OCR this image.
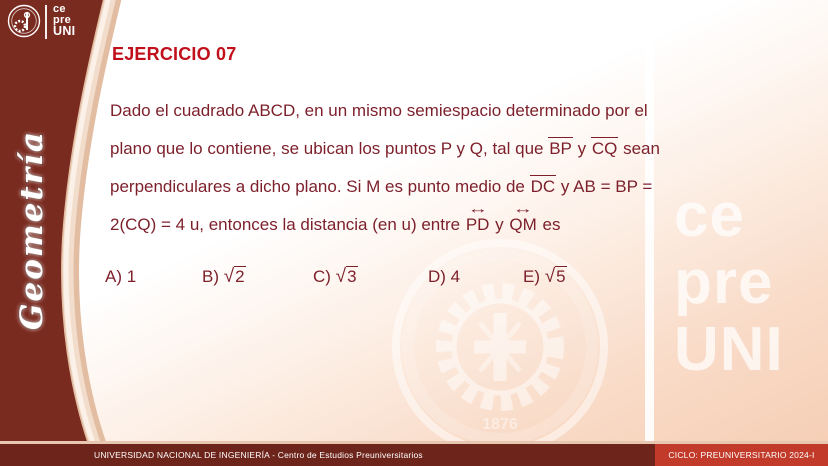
1876
ce
pre
UNI
ce
pre
UNI
Geometría
EJERCICIO 07
Dado el cuadrado ABCD, en un mismo semiespacio determinado por el
plano que lo contiene, se ubican los puntos P y Q, tal que BP y CQ sean
perpendiculares a dicho plano. Si M es punto medio de DC y AB = BP =
2(CQ) = 4 u, entonces la distancia (en u) entre
↔
PD y
↔
QM es
A) 1	B) √2	C) √3	D) 4	E) √5
UNIVERSIDAD NACIONAL DE INGENIERÍA - Centro de Estudios Preuniversitarios	CICLO: PREUNIVERSITARIO 2024-I
